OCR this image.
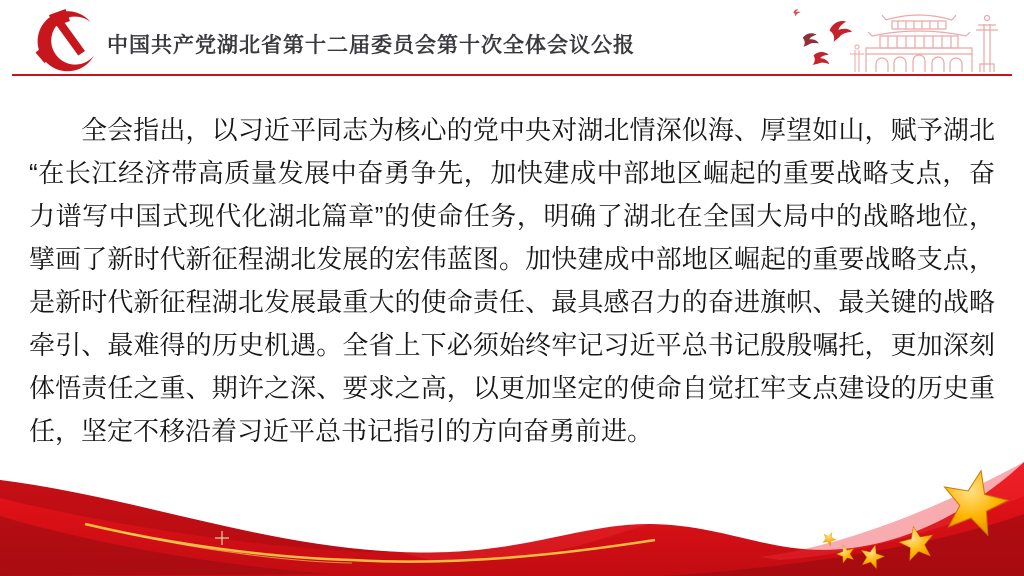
中国共产党湖北省第十二届委员会第十次全体会议公报
全会指出，以习近平同志为核心的党中央对湖北情深似海、厚望如山，赋予湖北
“在长江经济带高质量发展中奋勇争先，加快建成中部地区崛起的重要战略支点，奋
力谱写中国式现代化湖北篇章”的使命任务，明确了湖北在全国大局中的战略地位，
擘画了新时代新征程湖北发展的宏伟蓝图。加快建成中部地区崛起的重要战略支点，
是新时代新征程湖北发展最重大的使命责任、最具感召力的奋进旗帜、最关键的战略
牵引、最难得的历史机遇。全省上下必须始终牢记习近平总书记殷殷嘱托，更加深刻
体悟责任之重、期许之深、要求之高，以更加坚定的使命自觉扛牢支点建设的历史重
任，坚定不移沿着习近平总书记指引的方向奋勇前进。
